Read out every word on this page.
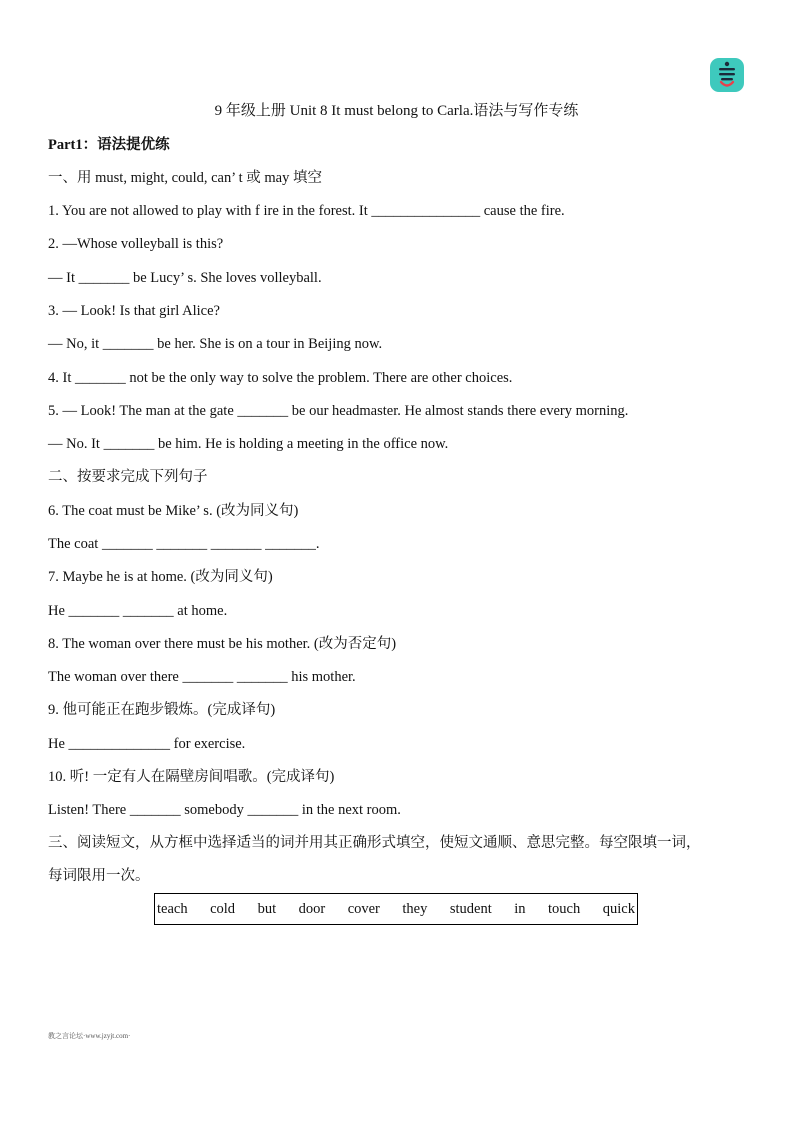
9 年级上册 Unit 8 It must belong to Carla.语法与写作专练
Part1：语法提优练
一、用 must, might, could, can’ t 或 may 填空
1. You are not allowed to play with f ire in the forest. It _______________ cause the fire.
2. —Whose volleyball is this?
— It _______ be Lucy’ s. She loves volleyball.
3. — Look! Is that girl Alice?
— No, it _______ be her. She is on a tour in Beijing now.
4. It _______ not be the only way to solve the problem. There are other choices.
5. — Look! The man at the gate _______ be our headmaster. He almost stands there every morning.
— No. It _______ be him. He is holding a meeting in the office now.
二、按要求完成下列句子
6. The coat must be Mike’ s. (改为同义句)
The coat _______ _______ _______ _______.
7. Maybe he is at home. (改为同义句)
He _______ _______ at home.
8. The woman over there must be his mother. (改为否定句)
The woman over there _______ _______ his mother.
9. 他可能正在跑步锻炼。(完成译句)
He ______________ for exercise.
10. 听! 一定有人在隔壁房间唱歌。(完成译句)
Listen! There _______ somebody _______ in the next room.
三、阅读短文，从方框中选择适当的词并用其正确形式填空，使短文通顺、意思完整。每空限填一词，
每词限用一次。
teach cold but door cover they student in touch quick
教之言论坛·www.jzyjt.com·
